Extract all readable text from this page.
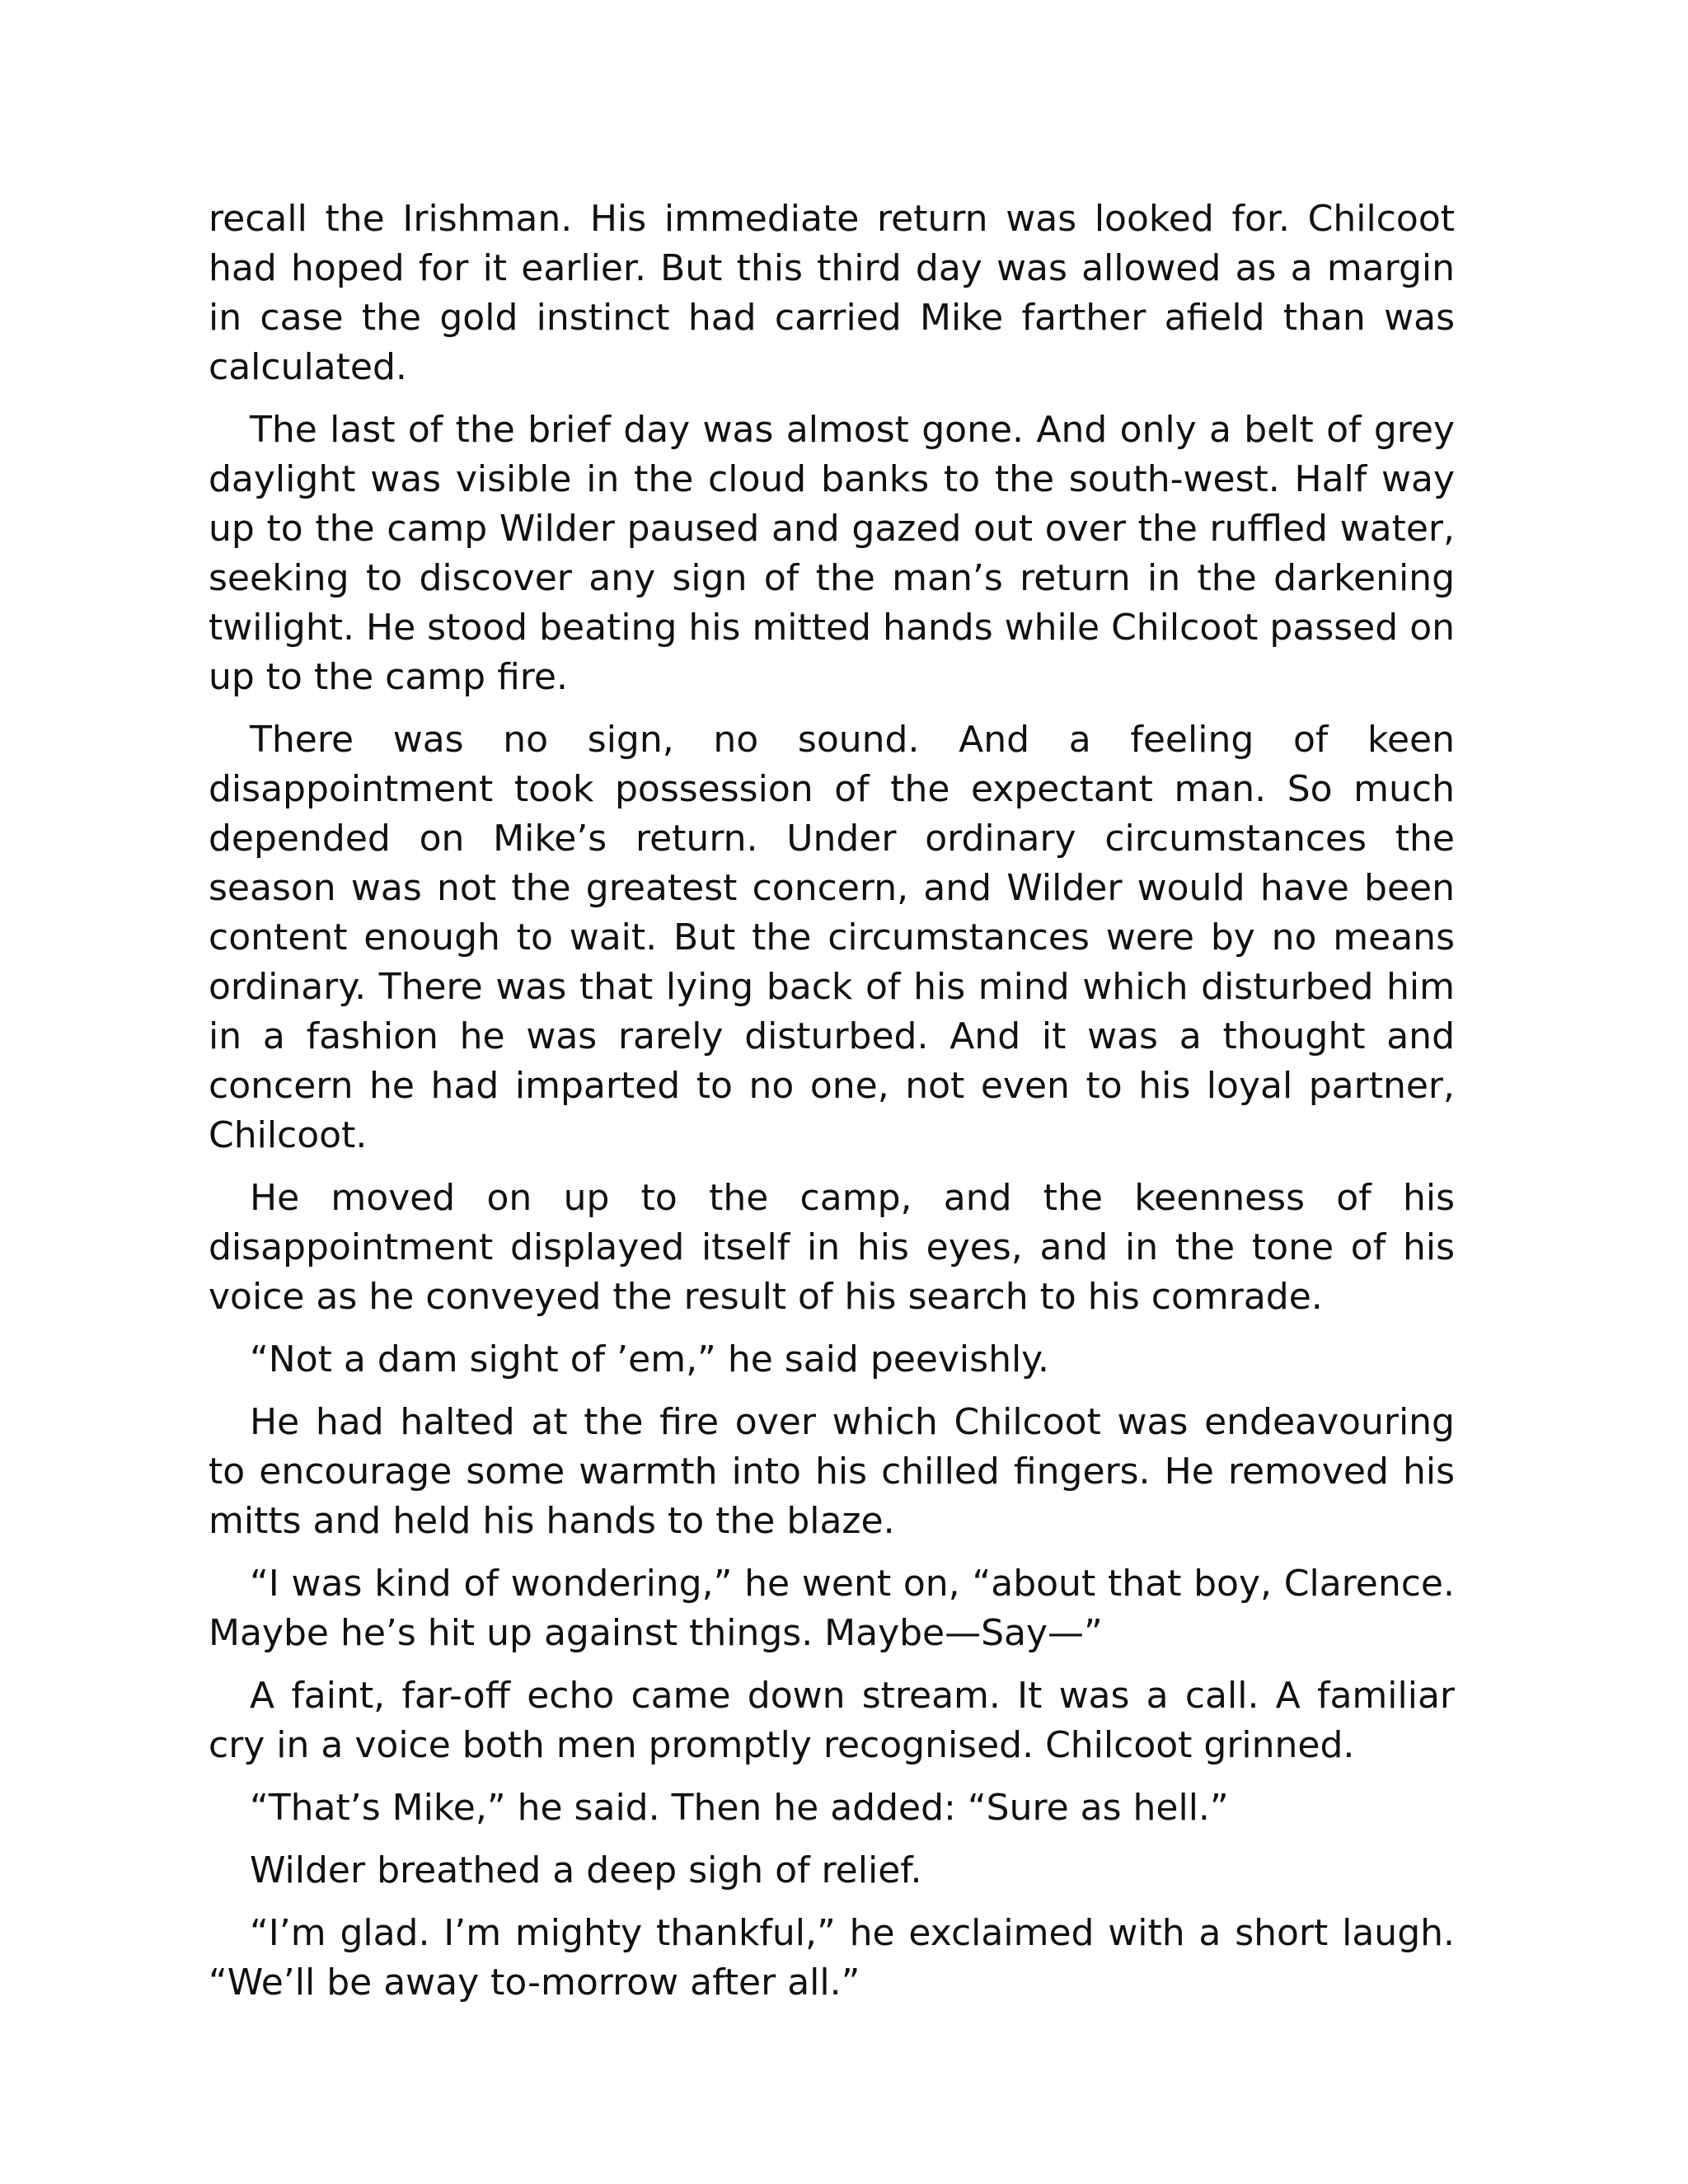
recall the Irishman. His immediate return was looked for. Chilcoot had hoped for it earlier. But this third day was allowed as a margin in case the gold instinct had carried Mike farther afield than was calculated.

The last of the brief day was almost gone. And only a belt of grey daylight was visible in the cloud banks to the south-west. Half way up to the camp Wilder paused and gazed out over the ruffled water, seeking to discover any sign of the man’s return in the darkening twilight. He stood beating his mitted hands while Chilcoot passed on up to the camp fire.

There was no sign, no sound. And a feeling of keen disappointment took possession of the expectant man. So much depended on Mike’s return. Under ordinary circumstances the season was not the greatest concern, and Wilder would have been content enough to wait. But the circumstances were by no means ordinary. There was that lying back of his mind which disturbed him in a fashion he was rarely disturbed. And it was a thought and concern he had imparted to no one, not even to his loyal partner, Chilcoot.

He moved on up to the camp, and the keenness of his disappointment displayed itself in his eyes, and in the tone of his voice as he conveyed the result of his search to his comrade.

“Not a dam sight of ’em,” he said peevishly.

He had halted at the fire over which Chilcoot was endeavouring to encourage some warmth into his chilled fingers. He removed his mitts and held his hands to the blaze.

“I was kind of wondering,” he went on, “about that boy, Clarence. Maybe he’s hit up against things. Maybe—Say—”

A faint, far-off echo came down stream. It was a call. A familiar cry in a voice both men promptly recognised. Chilcoot grinned.

“That’s Mike,” he said. Then he added: “Sure as hell.”

Wilder breathed a deep sigh of relief.

“I’m glad. I’m mighty thankful,” he exclaimed with a short laugh. “We’ll be away to-morrow after all.”
